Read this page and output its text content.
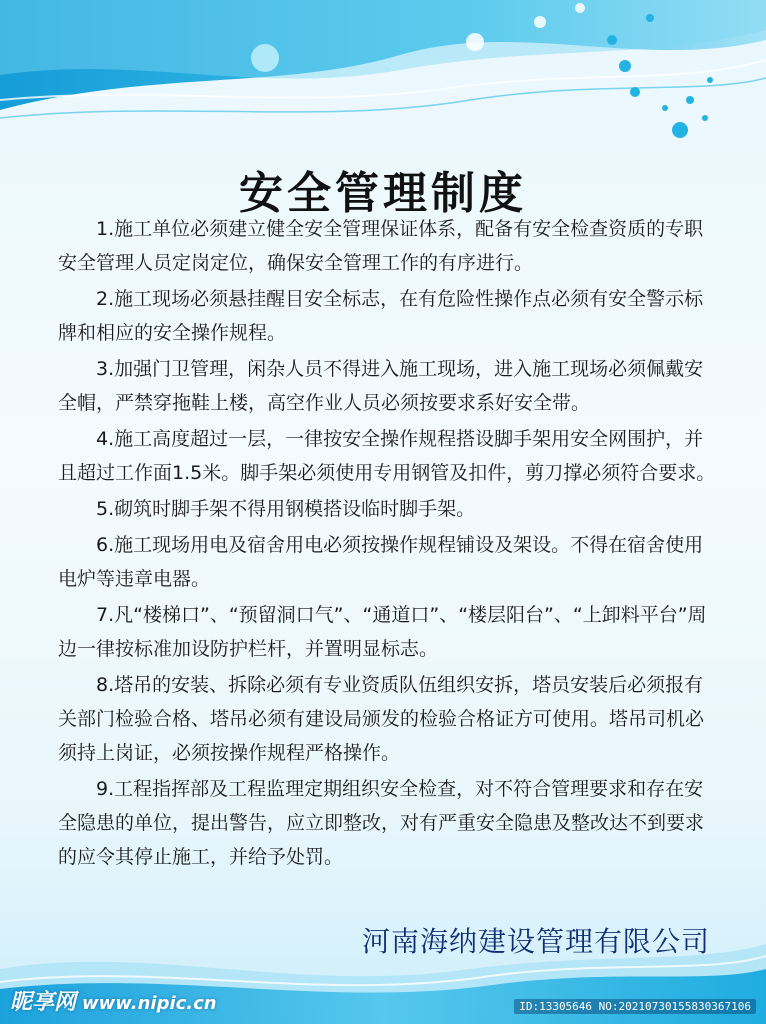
安全管理制度

1.施工单位必须建立健全安全管理保证体系，配备有安全检查资质的专职安全管理人员定岗定位，确保安全管理工作的有序进行。

2.施工现场必须悬挂醒目安全标志，在有危险性操作点必须有安全警示标牌和相应的安全操作规程。

3.加强门卫管理，闲杂人员不得进入施工现场，进入施工现场必须佩戴安全帽，严禁穿拖鞋上楼，高空作业人员必须按要求系好安全带。

4.施工高度超过一层，一律按安全操作规程搭设脚手架用安全网围护，并且超过工作面1.5米。脚手架必须使用专用钢管及扣件，剪刀撑必须符合要求。

5.砌筑时脚手架不得用钢模搭设临时脚手架。

6.施工现场用电及宿舍用电必须按操作规程铺设及架设。不得在宿舍使用电炉等违章电器。

7.凡“楼梯口”、“预留洞口气”、“通道口”、“楼层阳台”、“上卸料平台”周边一律按标准加设防护栏杆，并置明显标志。

8.塔吊的安装、拆除必须有专业资质队伍组织安拆，塔员安装后必须报有关部门检验合格、塔吊必须有建设局颁发的检验合格证方可使用。塔吊司机必须持上岗证，必须按操作规程严格操作。

9.工程指挥部及工程监理定期组织安全检查，对不符合管理要求和存在安全隐患的单位，提出警告，应立即整改，对有严重安全隐患及整改达不到要求的应令其停止施工，并给予处罚。

河南海纳建设管理有限公司
昵享网 www.nipic.cn	ID:13305646 NO:20210730155830367106
